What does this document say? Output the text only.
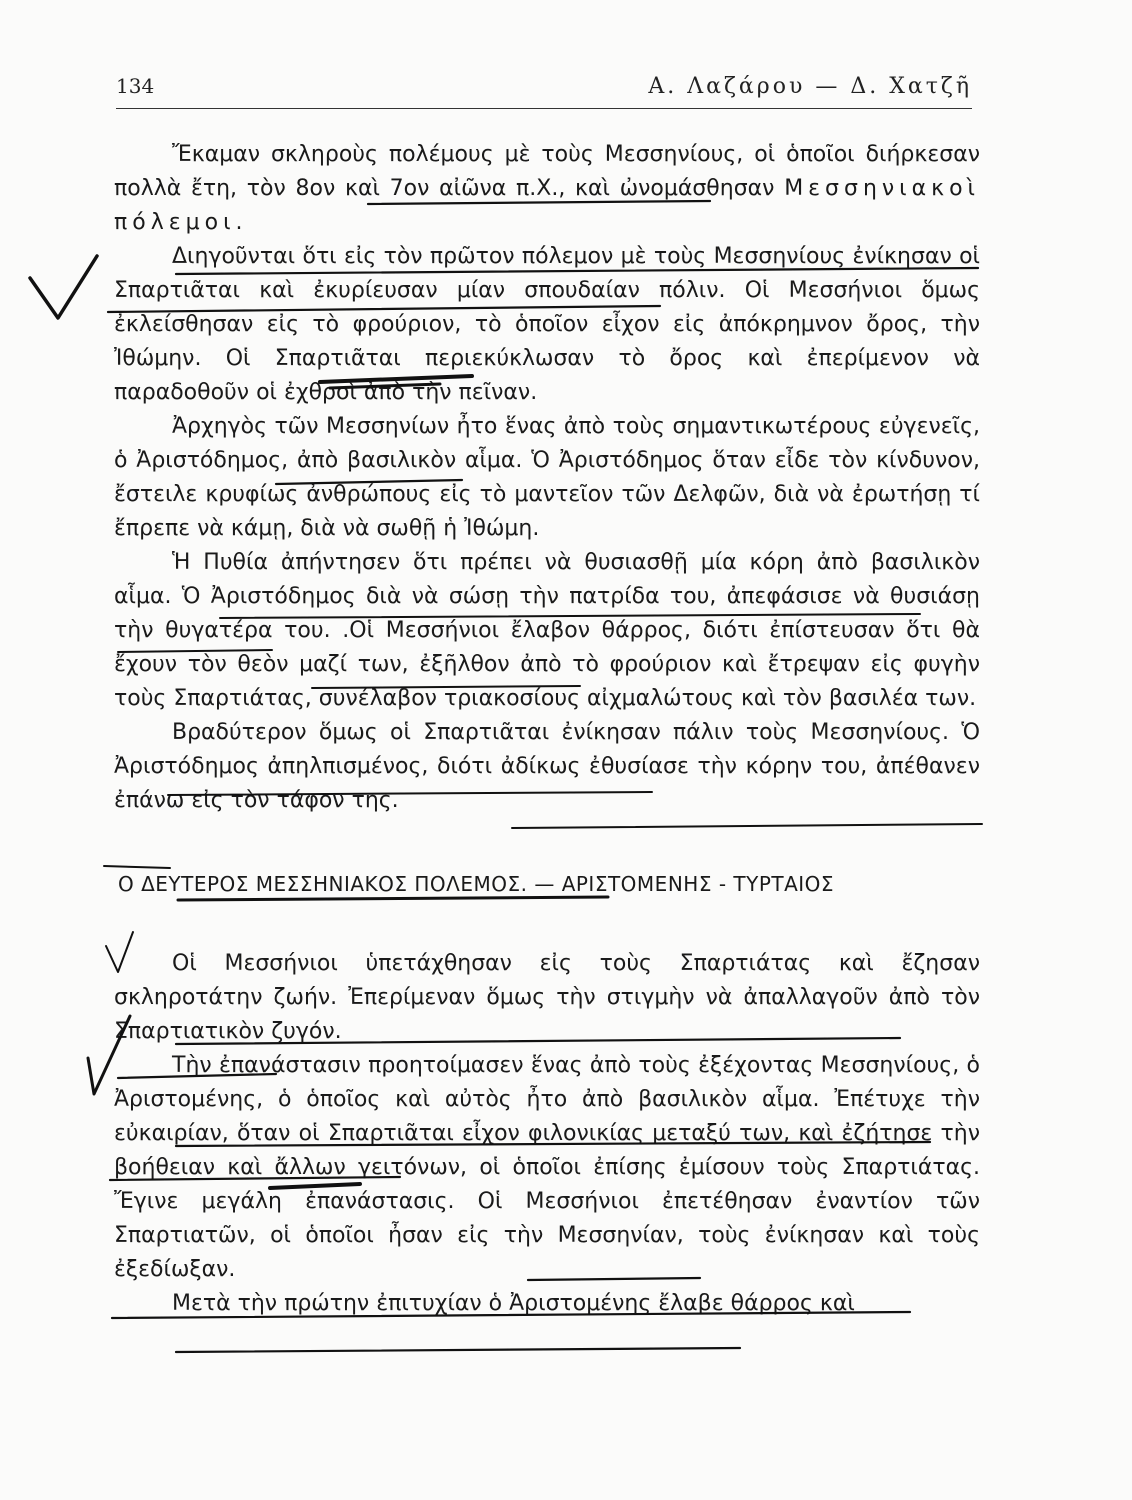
134	Α. Λαζάρου — Δ. Χατζῆ

Ἔκαμαν σκληροὺς πολέμους μὲ τοὺς Μεσσηνίους, οἱ ὁποῖοι διήρκεσαν πολλὰ ἔτη, τὸν 8ον καὶ 7ον αἰῶνα π.Χ., καὶ ὠνομάσθησαν Μεσσηνιακοὶ πόλεμοι.

Διηγοῦνται ὅτι εἰς τὸν πρῶτον πόλεμον μὲ τοὺς Μεσσηνίους ἐνίκησαν οἱ Σπαρτιᾶται καὶ ἐκυρίευσαν μίαν σπουδαίαν πόλιν. Οἱ Μεσσήνιοι ὅμως ἐκλείσθησαν εἰς τὸ φρούριον, τὸ ὁποῖον εἶχον εἰς ἀπόκρημνον ὄρος, τὴν Ἰθώμην. Οἱ Σπαρτιᾶται περιεκύκλωσαν τὸ ὄρος καὶ ἐπερίμενον νὰ παραδοθοῦν οἱ ἐχθροὶ ἀπὸ τὴν πεῖναν.

Ἀρχηγὸς τῶν Μεσσηνίων ἦτο ἕνας ἀπὸ τοὺς σημαντικωτέρους εὐγενεῖς, ὁ Ἀριστόδημος, ἀπὸ βασιλικὸν αἷμα. Ὁ Ἀριστόδημος ὅταν εἶδε τὸν κίνδυνον, ἔστειλε κρυφίως ἀνθρώπους εἰς τὸ μαντεῖον τῶν Δελφῶν, διὰ νὰ ἐρωτήσῃ τί ἔπρεπε νὰ κάμῃ, διὰ νὰ σωθῇ ἡ Ἰθώμη.

Ἡ Πυθία ἀπήντησεν ὅτι πρέπει νὰ θυσιασθῇ μία κόρη ἀπὸ βασιλικὸν αἷμα. Ὁ Ἀριστόδημος διὰ νὰ σώσῃ τὴν πατρίδα του, ἀπεφάσισε νὰ θυσιάσῃ τὴν θυγατέρα του. .Οἱ Μεσσήνιοι ἔλαβον θάρρος, διότι ἐπίστευσαν ὅτι θὰ ἔχουν τὸν θεὸν μαζί των, ἐξῆλθον ἀπὸ τὸ φρούριον καὶ ἔτρεψαν εἰς φυγὴν τοὺς Σπαρτιάτας, συνέλαβον τριακοσίους αἰχμαλώτους καὶ τὸν βασιλέα των.

Βραδύτερον ὅμως οἱ Σπαρτιᾶται ἐνίκησαν πάλιν τοὺς Μεσσηνίους. Ὁ Ἀριστόδημος ἀπηλπισμένος, διότι ἀδίκως ἐθυσίασε τὴν κόρην του, ἀπέθανεν ἐπάνω εἰς τὸν τάφον της.

Ο ΔΕΥΤΕΡΟΣ ΜΕΣΣΗΝΙΑΚΟΣ ΠΟΛΕΜΟΣ. — ΑΡΙΣΤΟΜΕΝΗΣ - ΤΥΡΤΑΙΟΣ

Οἱ Μεσσήνιοι ὑπετάχθησαν εἰς τοὺς Σπαρτιάτας καὶ ἔζησαν σκληροτάτην ζωήν. Ἐπερίμεναν ὅμως τὴν στιγμὴν νὰ ἀπαλλαγοῦν ἀπὸ τὸν Σπαρτιατικὸν ζυγόν.

Τὴν ἐπανάστασιν προητοίμασεν ἕνας ἀπὸ τοὺς ἐξέχοντας Μεσσηνίους, ὁ Ἀριστομένης, ὁ ὁποῖος καὶ αὐτὸς ἦτο ἀπὸ βασιλικὸν αἷμα. Ἐπέτυχε τὴν εὐκαιρίαν, ὅταν οἱ Σπαρτιᾶται εἶχον φιλονικίας μεταξύ των, καὶ ἐζήτησε τὴν βοήθειαν καὶ ἄλλων γειτόνων, οἱ ὁποῖοι ἐπίσης ἐμίσουν τοὺς Σπαρτιάτας. Ἔγινε μεγάλη ἐπανάστασις. Οἱ Μεσσήνιοι ἐπετέθησαν ἐναντίον τῶν Σπαρτιατῶν, οἱ ὁποῖοι ἦσαν εἰς τὴν Μεσσηνίαν, τοὺς ἐνίκησαν καὶ τοὺς ἐξεδίωξαν.

Μετὰ τὴν πρώτην ἐπιτυχίαν ὁ Ἀριστομένης ἔλαβε θάρρος καὶ
